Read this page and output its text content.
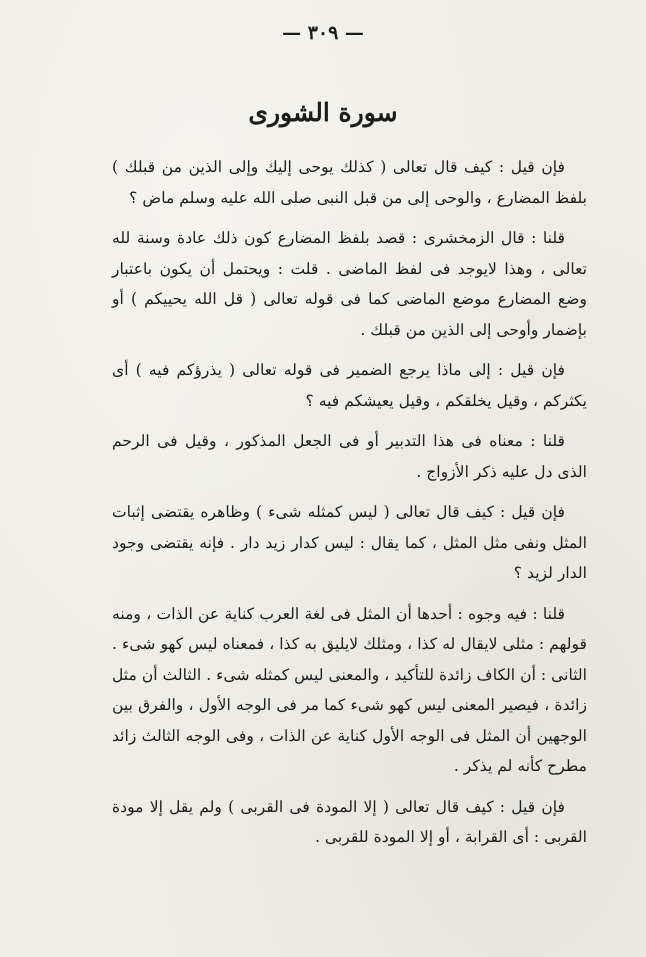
— ٣٠٩ —
سورة الشورى

فإن قيل : كيف قال تعالى ( كذلك يوحى إليك وإلى الذين من قبلك ) بلفظ المضارع ، والوحى إلى من قبل النبى صلى الله عليه وسلم ماض ؟

قلنا : قال الزمخشرى : قصد بلفظ المضارع كون ذلك عادة وسنة لله تعالى ، وهذا لايوجد فى لفظ الماضى . قلت : ويحتمل أن يكون باعتبار وضع المضارع موضع الماضى كما فى قوله تعالى ( قل الله يحييكم ) أو بإضمار وأوحى إلى الذين من قبلك .

فإن قيل : إلى ماذا يرجع الضمير فى قوله تعالى ( يذرؤكم فيه ) أى يكثركم ، وقيل يخلقكم ، وقيل يعيشكم فيه ؟

قلنا : معناه فى هذا التدبير أو فى الجعل المذكور ، وقيل فى الرحم الذى دل عليه ذكر الأزواج .

فإن قيل : كيف قال تعالى ( ليس كمثله شىء ) وظاهره يقتضى إثبات المثل ونفى مثل المثل ، كما يقال : ليس كدار زيد دار . فإنه يقتضى وجود الدار لزيد ؟

قلنا : فيه وجوه : أحدها أن المثل فى لغة العرب كناية عن الذات ، ومنه قولهم : مثلى لايقال له كذا ، ومثلك لايليق به كذا ، فمعناه ليس كهو شىء . الثانى : أن الكاف زائدة للتأكيد ، والمعنى ليس كمثله شىء . الثالث أن مثل زائدة ، فيصير المعنى ليس كهو شىء كما مر فى الوجه الأول ، والفرق بين الوجهين أن المثل فى الوجه الأول كناية عن الذات ، وفى الوجه الثالث زائد مطرح كأنه لم يذكر .

فإن قيل : كيف قال تعالى ( إلا المودة فى القربى ) ولم يقل إلا مودة القربى : أى القرابة ، أو إلا المودة للقربى .
